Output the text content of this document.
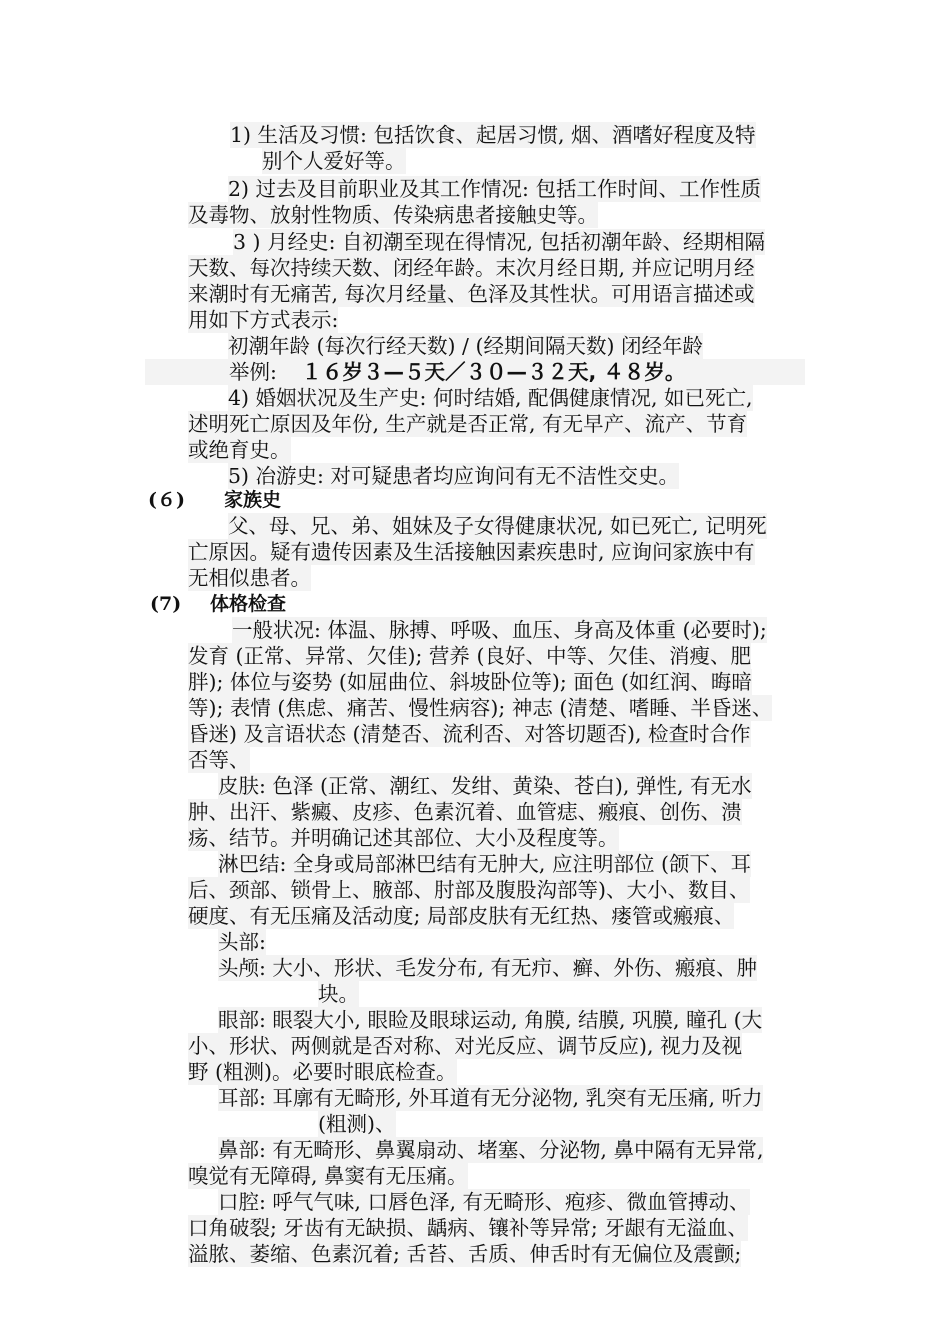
1) 生活及习惯: 包括饮食、起居习惯, 烟、酒嗜好程度及特
别个人爱好等。
2) 过去及目前职业及其工作情况: 包括工作时间、工作性质
及毒物、放射性物质、传染病患者接触史等。
3 ) 月经史: 自初潮至现在得情况, 包括初潮年龄、经期相隔
天数、每次持续天数、闭经年龄。末次月经日期, 并应记明月经
来潮时有无痛苦, 每次月经量、色泽及其性状。可用语言描述或
用如下方式表示:
初潮年龄 (每次行经天数) / (经期间隔天数) 闭经年龄
举例: １６岁３—５天／３０—３２天, ４８岁。
4) 婚姻状况及生产史: 何时结婚, 配偶健康情况, 如已死亡,
述明死亡原因及年份, 生产就是否正常, 有无早产、流产、节育
或绝育史。
5) 冶游史: 对可疑患者均应询问有无不洁性交史。
(６) 家族史
父、母、兄、弟、姐妹及子女得健康状况, 如已死亡, 记明死
亡原因。疑有遗传因素及生活接触因素疾患时, 应询问家族中有
无相似患者。
(7) 体格检查
一般状况: 体温、脉搏、呼吸、血压、身高及体重 (必要时);
发育 (正常、异常、欠佳); 营养 (良好、中等、欠佳、消瘦、肥
胖); 体位与姿势 (如屈曲位、斜坡卧位等); 面色 (如红润、晦暗
等); 表情 (焦虑、痛苦、慢性病容); 神志 (清楚、嗜睡、半昏迷、
昏迷) 及言语状态 (清楚否、流利否、对答切题否), 检查时合作
否等、
皮肤: 色泽 (正常、潮红、发绀、黄染、苍白), 弹性, 有无水
肿、出汗、紫癜、皮疹、色素沉着、血管痣、瘢痕、创伤、溃
疡、结节。并明确记述其部位、大小及程度等。
淋巴结: 全身或局部淋巴结有无肿大, 应注明部位 (颌下、耳
后、颈部、锁骨上、腋部、肘部及腹股沟部等)、大小、数目、
硬度、有无压痛及活动度; 局部皮肤有无红热、瘘管或瘢痕、
头部:
头颅: 大小、形状、毛发分布, 有无疖、癣、外伤、瘢痕、肿
块。
眼部: 眼裂大小, 眼睑及眼球运动, 角膜, 结膜, 巩膜, 瞳孔 (大
小、形状、两侧就是否对称、对光反应、调节反应), 视力及视
野 (粗测)。必要时眼底检查。
耳部: 耳廓有无畸形, 外耳道有无分泌物, 乳突有无压痛, 听力
(粗测)、
鼻部: 有无畸形、鼻翼扇动、堵塞、分泌物, 鼻中隔有无异常,
嗅觉有无障碍, 鼻窦有无压痛。
口腔: 呼气气味, 口唇色泽, 有无畸形、疱疹、微血管搏动、
口角破裂; 牙齿有无缺损、龋病、镶补等异常; 牙龈有无溢血、
溢脓、萎缩、色素沉着; 舌苔、舌质、伸舌时有无偏位及震颤;
